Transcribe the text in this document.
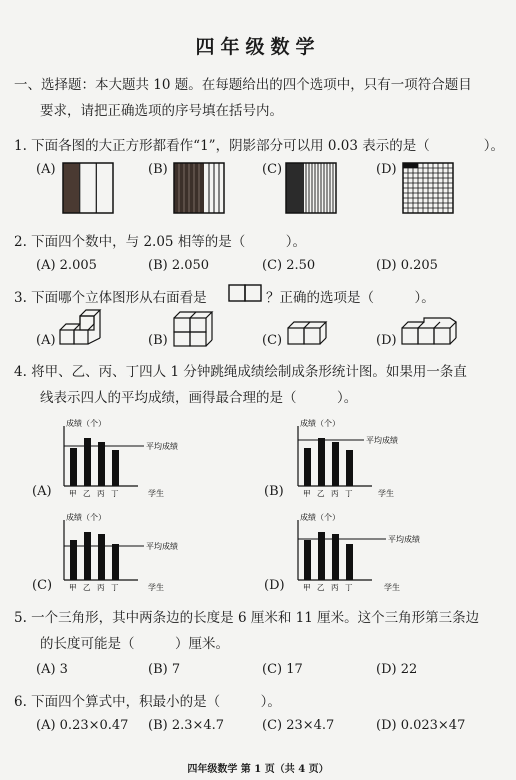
四年级数学
一、选择题：本大题共 10 题。在每题给出的四个选项中，只有一项符合题目
要求，请把正确选项的序号填在括号内。
1. 下面各图的大正方形都看作“1”，阴影部分可以用 0.03 表示的是（　　　　）。
(A)	(B)	(C)	(D)
2. 下面四个数中，与 2.05 相等的是（　　　）。
(A) 2.005	(B) 2.050	(C) 2.50	(D) 0.205
3. 下面哪个立体图形从右面看是	？正确的选项是（　　　）。
(A)	(B)	(C)	(D)
4. 将甲、乙、丙、丁四人 1 分钟跳绳成绩绘制成条形统计图。如果用一条直
线表示四人的平均成绩，画得最合理的是（　　　）。
(A)	(B)
(C)	(D)
成绩（个）
平均成绩
甲 乙 丙 丁	学生
成绩（个）
平均成绩
甲 乙 丙 丁	学生
成绩（个）
平均成绩
甲 乙 丙 丁	学生
成绩（个）
平均成绩
甲 乙 丙 丁	学生
5. 一个三角形，其中两条边的长度是 6 厘米和 11 厘米。这个三角形第三条边
的长度可能是（　　　）厘米。
(A) 3	(B) 7	(C) 17	(D) 22
6. 下面四个算式中，积最小的是（　　　）。
(A) 0.23×0.47 (B) 2.3×4.7	(C) 23×4.7	(D) 0.023×47
四年级数学 第 1 页（共 4 页）
